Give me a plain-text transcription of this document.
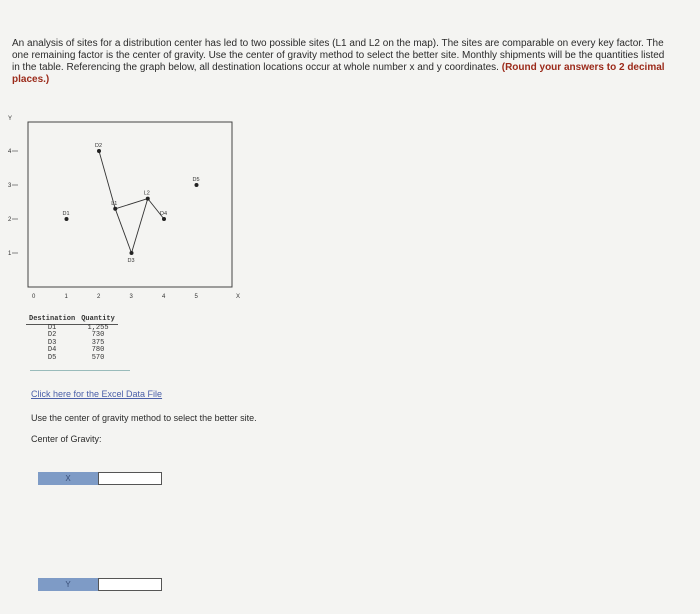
An analysis of sites for a distribution center has led to two possible sites (L1 and L2 on the map). The sites are comparable on every key factor. The one remaining factor is the center of gravity. Use the center of gravity method to select the better site. Monthly shipments will be the quantities listed in the table. Referencing the graph below, all destination locations occur at whole number x and y coordinates. (Round your answers to 2 decimal places.)
Y
X
0	1	2	3	4	5
1
2
3
4
D1
D2
D3
D4
D5
L1
L2
Destination	Quantity
D1	1,255
D2	730
D3	375
D4	780
D5	570
Click here for the Excel Data File
Use the center of gravity method to select the better site.
Center of Gravity:
X
Y
